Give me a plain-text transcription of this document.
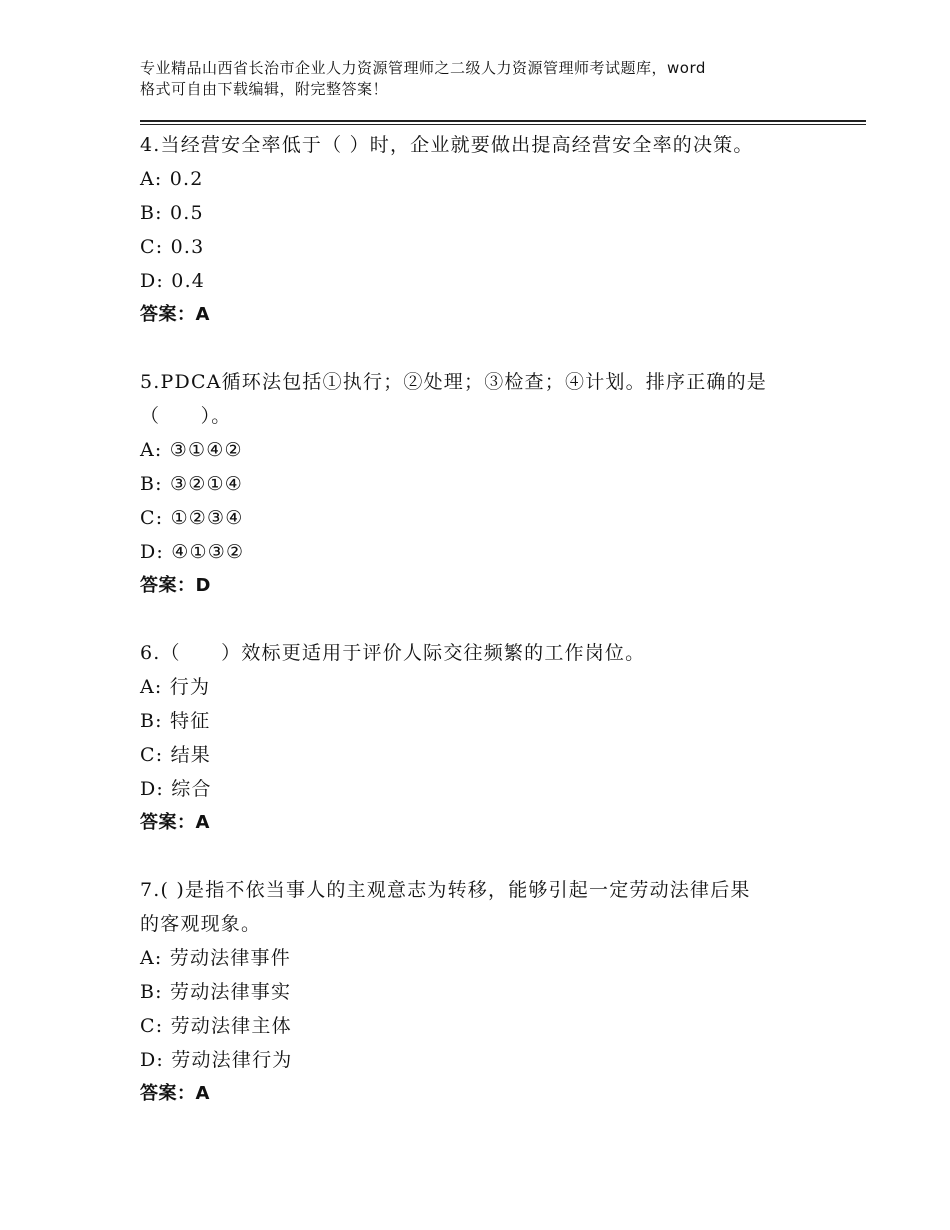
专业精品山西省长治市企业人力资源管理师之二级人力资源管理师考试题库，word
格式可自由下载编辑，附完整答案！
4.当经营安全率低于（ ）时，企业就要做出提高经营安全率的决策。
A: 0.2
B: 0.5
C: 0.3
D: 0.4
答案：A
5.PDCA循环法包括①执行；②处理；③检查；④计划。排序正确的是
（　　）。
A: ③①④②
B: ③②①④
C: ①②③④
D: ④①③②
答案：D
6.（　　）效标更适用于评价人际交往频繁的工作岗位。
A: 行为
B: 特征
C: 结果
D: 综合
答案：A
7.( )是指不依当事人的主观意志为转移，能够引起一定劳动法律后果
的客观现象。
A: 劳动法律事件
B: 劳动法律事实
C: 劳动法律主体
D: 劳动法律行为
答案：A
